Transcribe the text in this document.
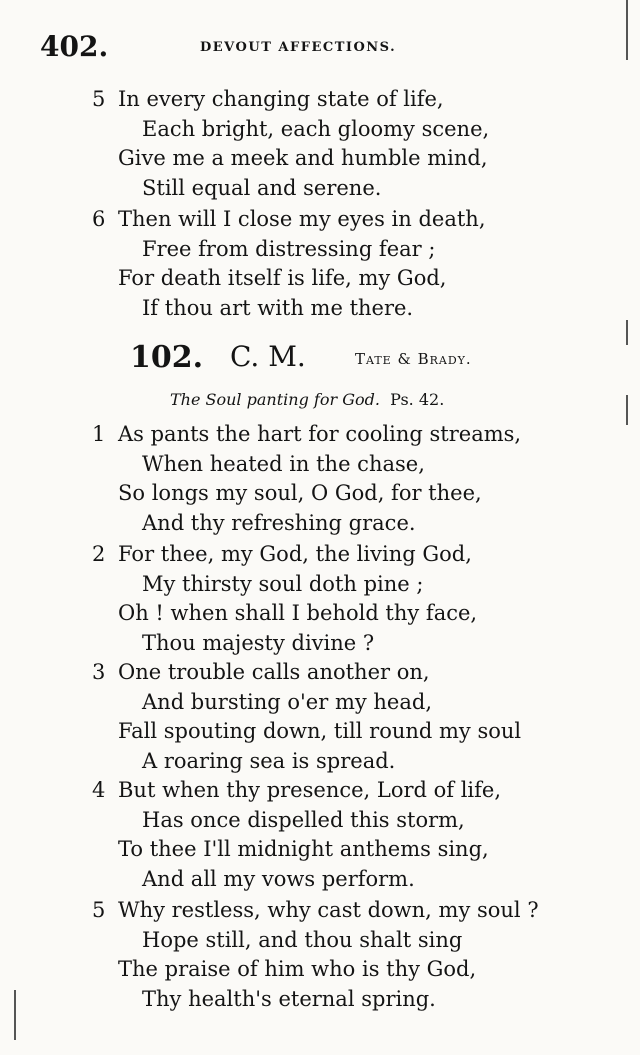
402.	DEVOUT AFFECTIONS.
5 In every changing state of life,
Each bright, each gloomy scene,
Give me a meek and humble mind,
Still equal and serene.
6 Then will I close my eyes in death,
Free from distressing fear ;
For death itself is life, my God,
If thou art with me there.
102. C. M.	Tate & Brady.
The Soul panting for God. Ps. 42.
1 As pants the hart for cooling streams,
When heated in the chase,
So longs my soul, O God, for thee,
And thy refreshing grace.
2 For thee, my God, the living God,
My thirsty soul doth pine ;
Oh ! when shall I behold thy face,
Thou majesty divine ?
3 One trouble calls another on,
And bursting o'er my head,
Fall spouting down, till round my soul
A roaring sea is spread.
4 But when thy presence, Lord of life,
Has once dispelled this storm,
To thee I'll midnight anthems sing,
And all my vows perform.
5 Why restless, why cast down, my soul ?
Hope still, and thou shalt sing
The praise of him who is thy God,
Thy health's eternal spring.
